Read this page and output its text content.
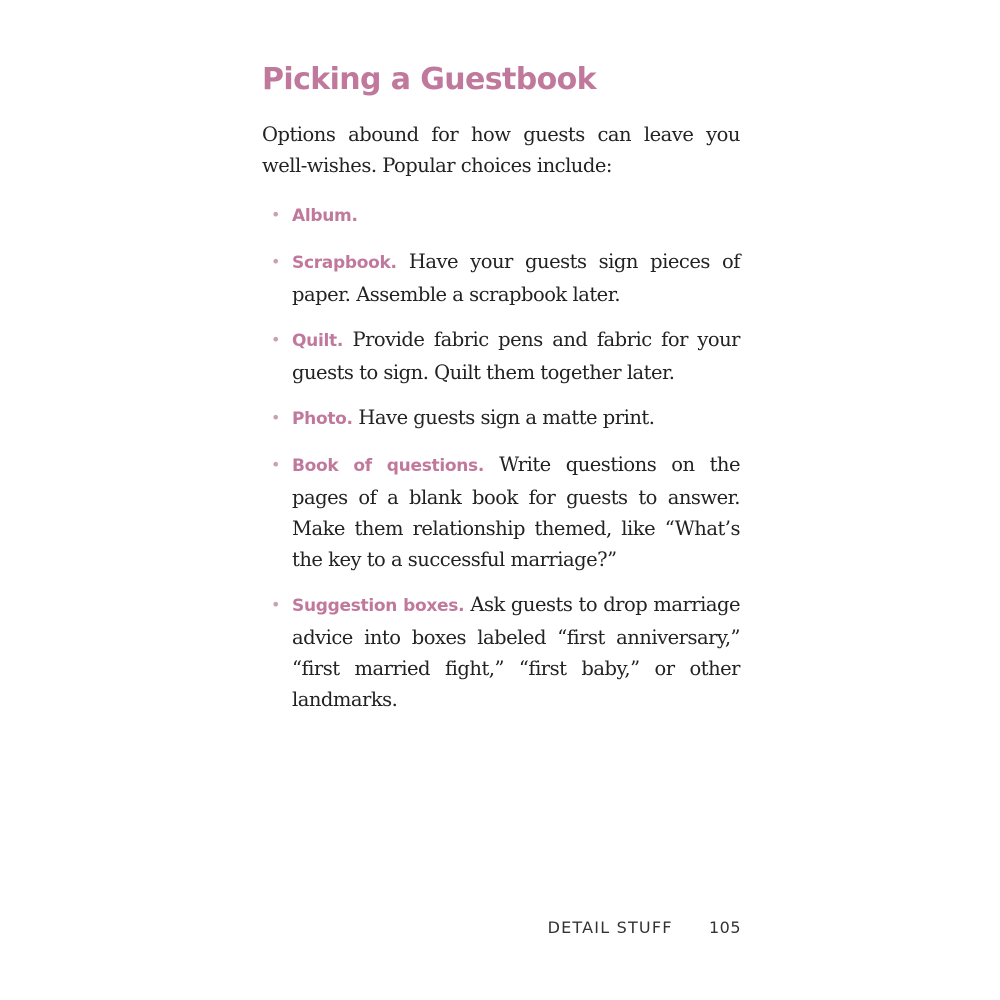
Picking a Guestbook

Options abound for how guests can leave you well-wishes. Popular choices include:

• Album.
• Scrapbook. Have your guests sign pieces of paper. Assemble a scrapbook later.
• Quilt. Provide fabric pens and fabric for your guests to sign. Quilt them together later.
• Photo. Have guests sign a matte print.
• Book of questions. Write questions on the pages of a blank book for guests to answer. Make them relationship themed, like “What’s the key to a successful marriage?”
• Suggestion boxes. Ask guests to drop marriage advice into boxes labeled “first anniversary,” “first married fight,” “first baby,” or other landmarks.
DETAIL STUFF 105
